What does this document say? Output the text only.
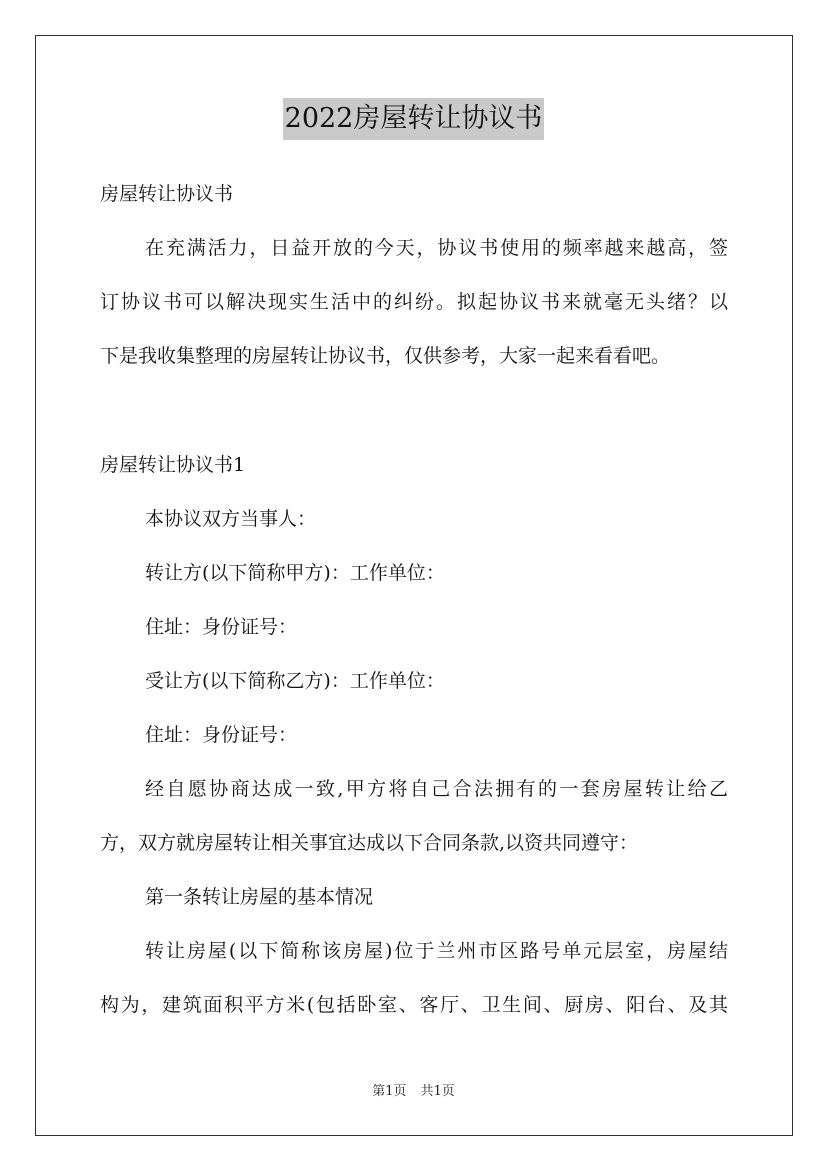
2022房屋转让协议书
房屋转让协议书
在充满活力，日益开放的今天，协议书使用的频率越来越高，签
订协议书可以解决现实生活中的纠纷。拟起协议书来就毫无头绪？以
下是我收集整理的房屋转让协议书，仅供参考，大家一起来看看吧。
房屋转让协议书1
本协议双方当事人：
转让方(以下简称甲方)：工作单位：
住址：身份证号：
受让方(以下简称乙方)：工作单位：
住址：身份证号：
经自愿协商达成一致,甲方将自己合法拥有的一套房屋转让给乙
方，双方就房屋转让相关事宜达成以下合同条款,以资共同遵守：
第一条转让房屋的基本情况
转让房屋(以下简称该房屋)位于兰州市区路号单元层室，房屋结
构为，建筑面积平方米(包括卧室、客厅、卫生间、厨房、阳台、及其
第1页 共1页
